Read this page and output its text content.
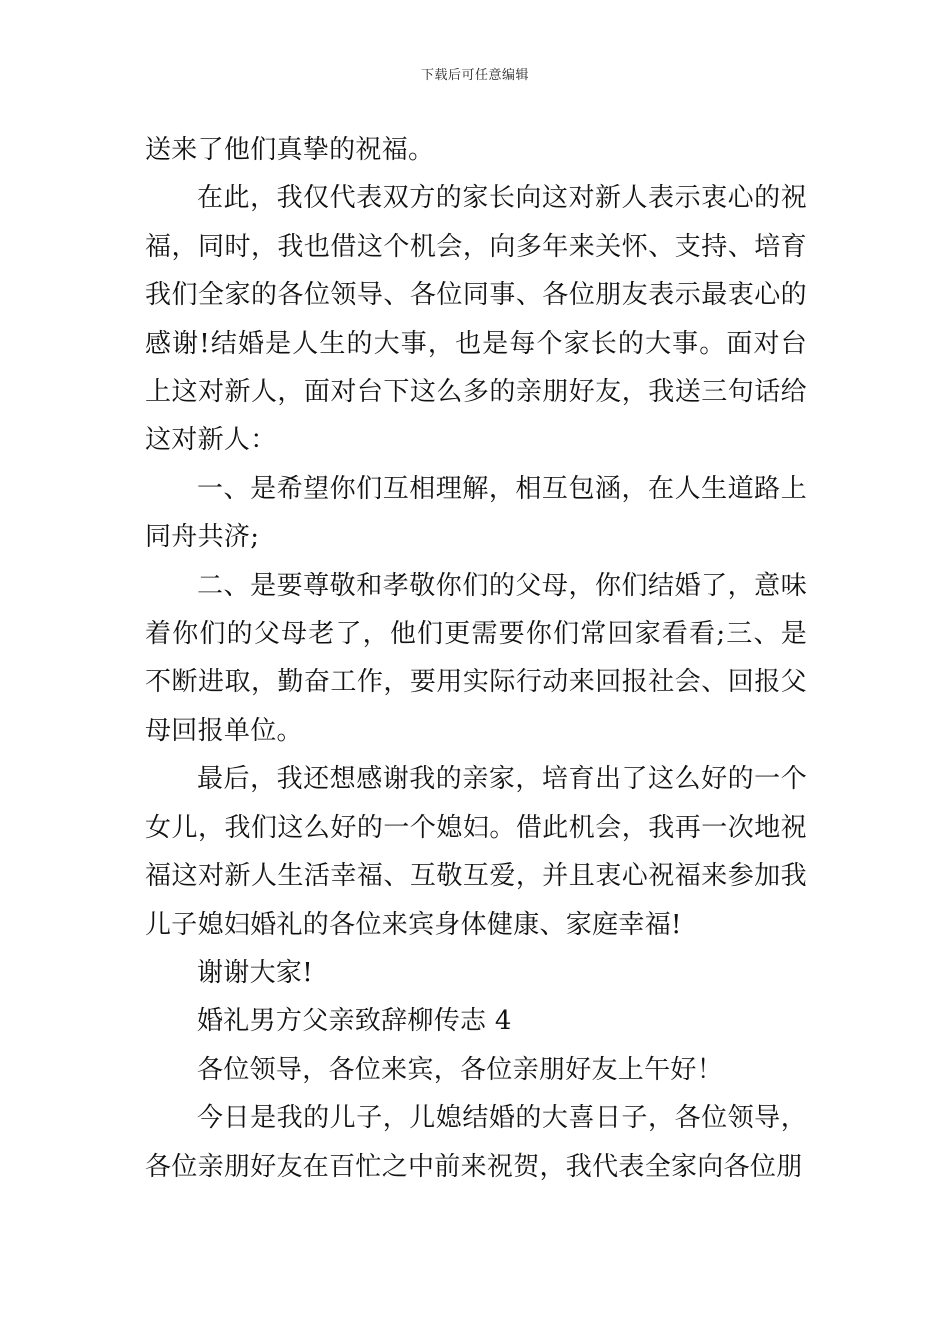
下载后可任意编辑

送来了他们真挚的祝福。

在此，我仅代表双方的家长向这对新人表示衷心的祝福，同时，我也借这个机会，向多年来关怀、支持、培育我们全家的各位领导、各位同事、各位朋友表示最衷心的感谢!结婚是人生的大事，也是每个家长的大事。面对台上这对新人，面对台下这么多的亲朋好友，我送三句话给这对新人：

一、是希望你们互相理解，相互包涵，在人生道路上同舟共济;

二、是要尊敬和孝敬你们的父母，你们结婚了，意味着你们的父母老了，他们更需要你们常回家看看;三、是不断进取，勤奋工作，要用实际行动来回报社会、回报父母回报单位。

最后，我还想感谢我的亲家，培育出了这么好的一个女儿，我们这么好的一个媳妇。借此机会，我再一次地祝福这对新人生活幸福、互敬互爱，并且衷心祝福来参加我儿子媳妇婚礼的各位来宾身体健康、家庭幸福!

谢谢大家!

婚礼男方父亲致辞柳传志 4

各位领导，各位来宾，各位亲朋好友上午好！

今日是我的儿子，儿媳结婚的大喜日子，各位领导，各位亲朋好友在百忙之中前来祝贺，我代表全家向各位朋
